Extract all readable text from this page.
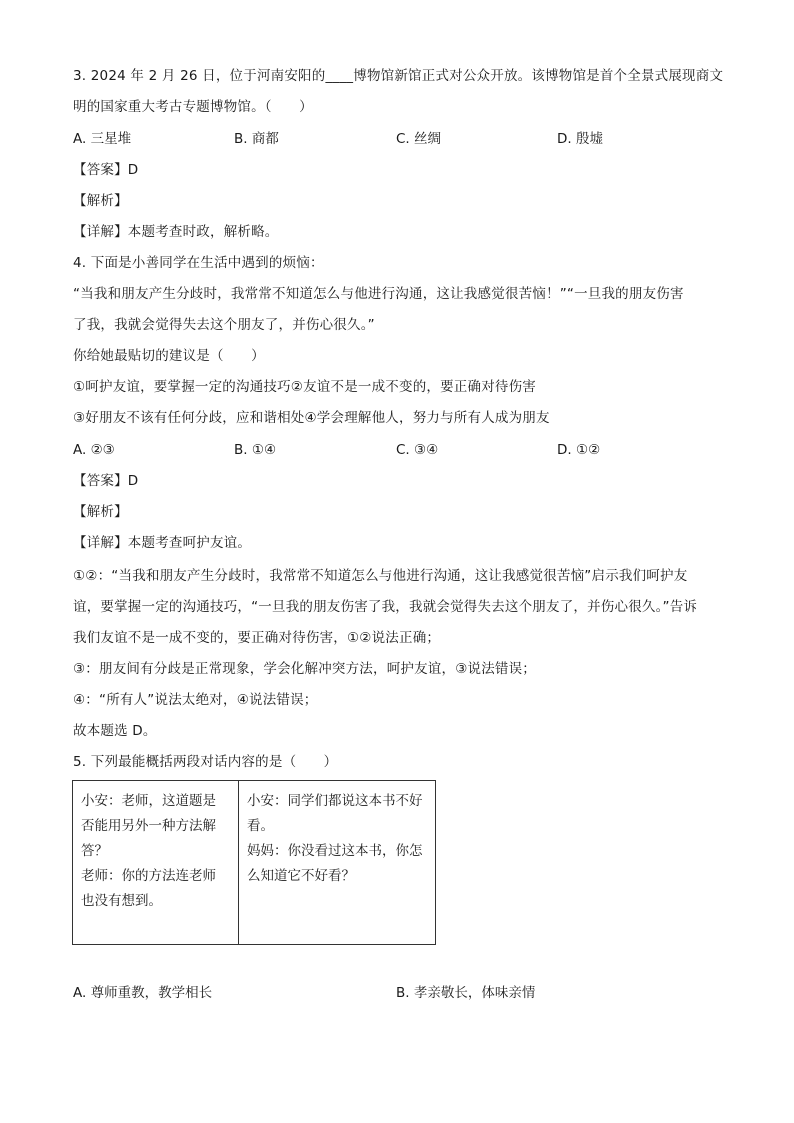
3. 2024 年 2 月 26 日，位于河南安阳的____博物馆新馆正式对公众开放。该博物馆是首个全景式展现商文
明的国家重大考古专题博物馆。（　　）
A. 三星堆	B. 商都	C. 丝绸	D. 殷墟
【答案】D
【解析】
【详解】本题考查时政，解析略。
4. 下面是小善同学在生活中遇到的烦恼：
“当我和朋友产生分歧时，我常常不知道怎么与他进行沟通，这让我感觉很苦恼！”“一旦我的朋友伤害
了我，我就会觉得失去这个朋友了，并伤心很久。”
你给她最贴切的建议是（　　）
①呵护友谊，要掌握一定的沟通技巧②友谊不是一成不变的，要正确对待伤害
③好朋友不该有任何分歧，应和谐相处④学会理解他人，努力与所有人成为朋友
A. ②③	B. ①④	C. ③④	D. ①②
【答案】D
【解析】
【详解】本题考查呵护友谊。
①②：“当我和朋友产生分歧时，我常常不知道怎么与他进行沟通，这让我感觉很苦恼”启示我们呵护友
谊，要掌握一定的沟通技巧，“一旦我的朋友伤害了我，我就会觉得失去这个朋友了，并伤心很久。”告诉
我们友谊不是一成不变的，要正确对待伤害，①②说法正确；
③：朋友间有分歧是正常现象，学会化解冲突方法，呵护友谊，③说法错误；
④：“所有人”说法太绝对，④说法错误；
故本题选 D。
5. 下列最能概括两段对话内容的是（　　）
小安：老师，这道题是
否能用另外一种方法解
答？
老师：你的方法连老师
也没有想到。

小安：同学们都说这本书不好
看。
妈妈：你没看过这本书，你怎
么知道它不好看？
A. 尊师重教，教学相长	B. 孝亲敬长，体味亲情
